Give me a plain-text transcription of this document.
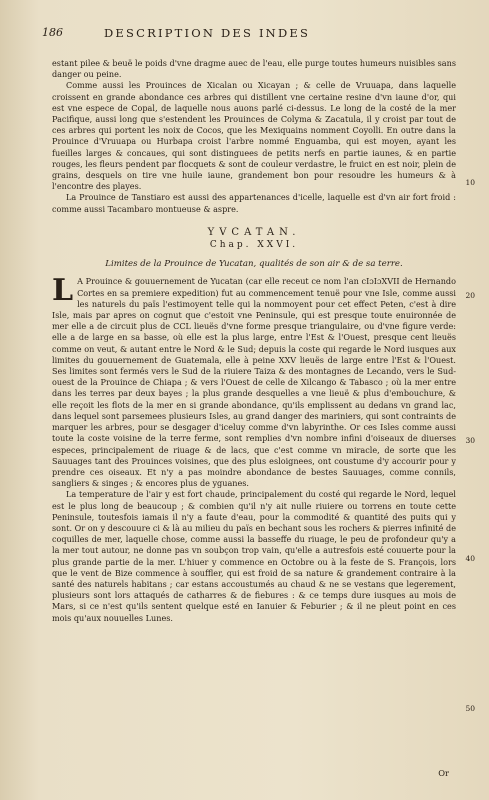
186	DESCRIPTION DES INDES

estant pilee & beuë le poids d'vne dragme auec de l'eau, elle purge toutes humeurs nuisibles sans danger ou peine.

Comme aussi les Prouinces de Xicalan ou Xicayan ; & celle de Vruuapa, dans laquelle croissent en grande abondance ces arbres qui distillent vne certaine resine d'vn iaune d'or, qui est vne espece de Copal, de laquelle nous auons parlé ci-dessus. Le long de la costé de la mer Pacifique, aussi long que s'estendent les Prouinces de Colyma & Zacatula, il y croist par tout de ces arbres qui portent les noix de Cocos, que les Mexiquains nomment Coyolli. En outre dans la Prouince d'Vruuapa ou Hurbapa croist l'arbre nommé Enguamba, qui est moyen, ayant les fueilles larges & concaues, qui sont distinguees de petits nerfs en partie iaunes, & en partie rouges, les fleurs pendent par flocquets & sont de couleur verdastre, le fruict en est noir, plein de grains, desquels on tire vne huile iaune, grandement bon pour resoudre les humeurs & à l'encontre des playes.

La Prouince de Tanstiaro est aussi des appartenances d'icelle, laquelle est d'vn air fort froid : comme aussi Tacambaro montueuse & aspre.

YVCATAN.
Chap. XXVI.
Limites de la Prouince de Yucatan, qualités de son air & de sa terre.
L A Prouince & gouuernement de Yucatan (car elle receut ce nom l'an cIɔIɔXVII de Hernando Cortes en sa premiere expedition) fut au commencement tenuë pour vne Isle, comme aussi les naturels du païs l'estimoyent telle qui la nommoyent pour cet effect Peten, c'est à dire Isle, mais par apres on cognut que c'estoit vne Peninsule, qui est presque toute enuironnée de mer elle a de circuit plus de CCL lieuës d'vne forme presque triangulaire, ou d'vne figure verde: elle a de large en sa basse, où elle est la plus large, entre l'Est & l'Ouest, presque cent lieuës comme on veut, & autant entre le Nord & le Sud; depuis la coste qui regarde le Nord iusques aux limites du gouuernement de Guatemala, elle à peine XXV lieuës de large entre l'Est & l'Ouest. Ses limites sont fermés vers le Sud de la riuiere Taiza & des montagnes de Lecando, vers le Sud-ouest de la Prouince de Chiapa ; & vers l'Ouest de celle de Xilcango & Tabasco ; où la mer entre dans les terres par deux bayes ; la plus grande desquelles a vne lieuë & plus d'embouchure, & elle reçoit les flots de la mer en si grande abondance, qu'ils emplissent au dedans vn grand lac, dans lequel sont parsemees plusieurs Isles, au grand danger des mariniers, qui sont contraints de marquer les arbres, pour se desgager d'iceluy comme d'vn labyrinthe. Or ces Isles comme aussi toute la coste voisine de la terre ferme, sont remplies d'vn nombre infini d'oiseaux de diuerses especes, principalement de riuage & de lacs, que c'est comme vn miracle, de sorte que les Sauuages tant des Prouinces voisines, que des plus esloignees, ont coustume d'y accourir pour y prendre ces oiseaux. Et n'y a pas moindre abondance de bestes Sauuages, comme connils, sangliers & singes ; & encores plus de yguanes.

La temperature de l'air y est fort chaude, principalement du costé qui regarde le Nord, lequel est le plus long de beaucoup ; & combien qu'il n'y ait nulle riuiere ou torrens en toute cette Peninsule, toutesfois iamais il n'y a faute d'eau, pour la commodité & quantité des puits qui y sont. Or on y descouure ci & là au milieu du païs en bechant sous les rochers & pierres infinité de coquilles de mer, laquelle chose, comme aussi la basseffe du riuage, le peu de profondeur qu'y a la mer tout autour, ne donne pas vn soubçon trop vain, qu'elle a autresfois esté couuerte pour la plus grande partie de la mer. L'hiuer y commence en Octobre ou à la feste de S. François, lors que le vent de Bize commence à souffler, qui est froid de sa nature & grandement contraire à la santé des naturels habitans ; car estans accoustumés au chaud & ne se vestans que legerement, plusieurs sont lors attaqués de catharres & de fiebures : & ce temps dure iusques au mois de Mars, si ce n'est qu'ils sentent quelque esté en Ianuier & Feburier ; & il ne pleut point en ces mois qu'aux nouuelles Lunes.

10
20
30
40
50
Or
